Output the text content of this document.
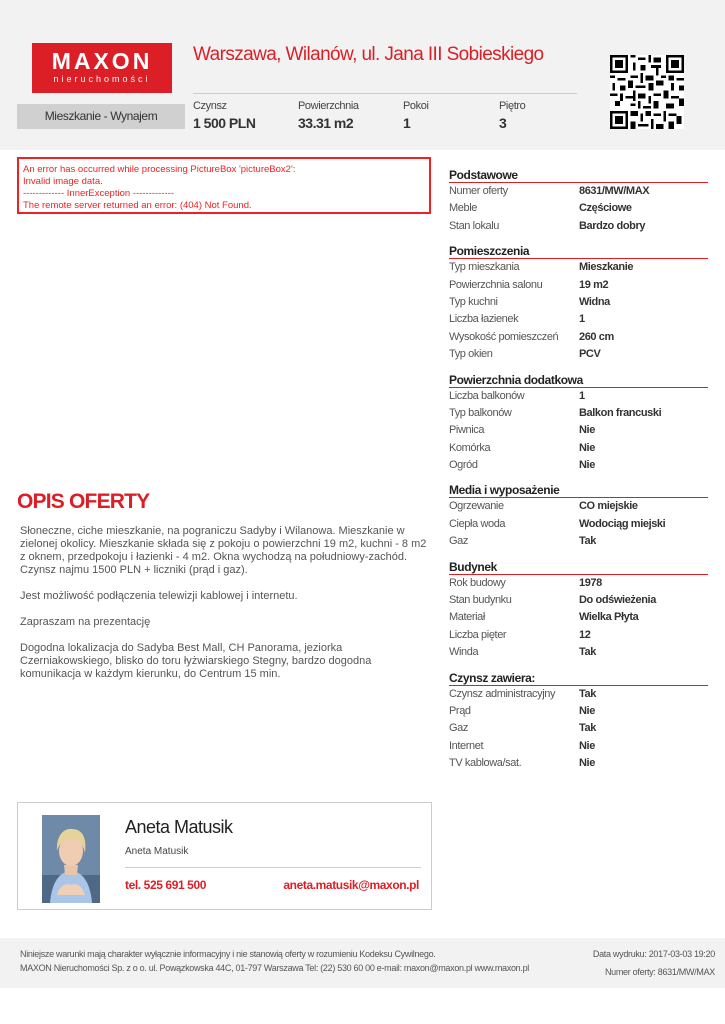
MAXON
nieruchomości
Warszawa, Wilanów, ul. Jana III Sobieskiego
Mieszkanie - Wynajem
Czynsz
1 500 PLN
Powierzchnia
33.31 m2
Pokoi
1
Piętro
3
An error has occurred while processing PictureBox 'pictureBox2':
Invalid image data.
------------- InnerException -------------
The remote server returned an error: (404) Not Found.
OPIS OFERTY

Słoneczne, ciche mieszkanie, na pograniczu Sadyby i Wilanowa. Mieszkanie w zielonej okolicy. Mieszkanie składa się z pokoju o powierzchni 19 m2, kuchni - 8 m2 z oknem, przedpokoju i łazienki - 4 m2. Okna wychodzą na południowy-zachód. Czynsz najmu 1500 PLN + liczniki (prąd i gaz).

Jest możliwość podłączenia telewizji kablowej i internetu.

Zapraszam na prezentację

Dogodna lokalizacja do Sadyba Best Mall, CH Panorama, jeziorka Czerniakowskiego, blisko do toru łyżwiarskiego Stegny, bardzo dogodna komunikacja w każdym kierunku, do Centrum 15 min.

Aneta Matusik
Aneta Matusik
tel. 525 691 500	aneta.matusik@maxon.pl
Podstawowe
Numer oferty	8631/MW/MAX
Meble	Częściowe
Stan lokalu	Bardzo dobry
Pomieszczenia
Typ mieszkania	Mieszkanie
Powierzchnia salonu	19 m2
Typ kuchni	Widna
Liczba łazienek	1
Wysokość pomieszczeń 260 cm
Typ okien	PCV
Powierzchnia dodatkowa
Liczba balkonów	1
Typ balkonów	Balkon francuski
Piwnica	Nie
Komórka	Nie
Ogród	Nie
Media i wyposażenie
Ogrzewanie	CO miejskie
Ciepła woda	Wodociąg miejski
Gaz	Tak
Budynek
Rok budowy	1978
Stan budynku	Do odświeżenia
Materiał	Wielka Płyta
Liczba pięter	12
Winda	Tak
Czynsz zawiera:
Czynsz administracyjny Tak
Prąd	Nie
Gaz	Tak
Internet	Nie
TV kablowa/sat.	Nie
Niniejsze warunki mają charakter wyłącznie informacyjny i nie stanowią oferty w rozumieniu Kodeksu Cywilnego.
MAXON Nieruchomości Sp. z o o. ul. Powązkowska 44C, 01-797 Warszawa Tel: (22) 530 60 00 e-mail: maxon@maxon.pl www.maxon.pl
Data wydruku: 2017-03-03 19:20
Numer oferty: 8631/MW/MAX
